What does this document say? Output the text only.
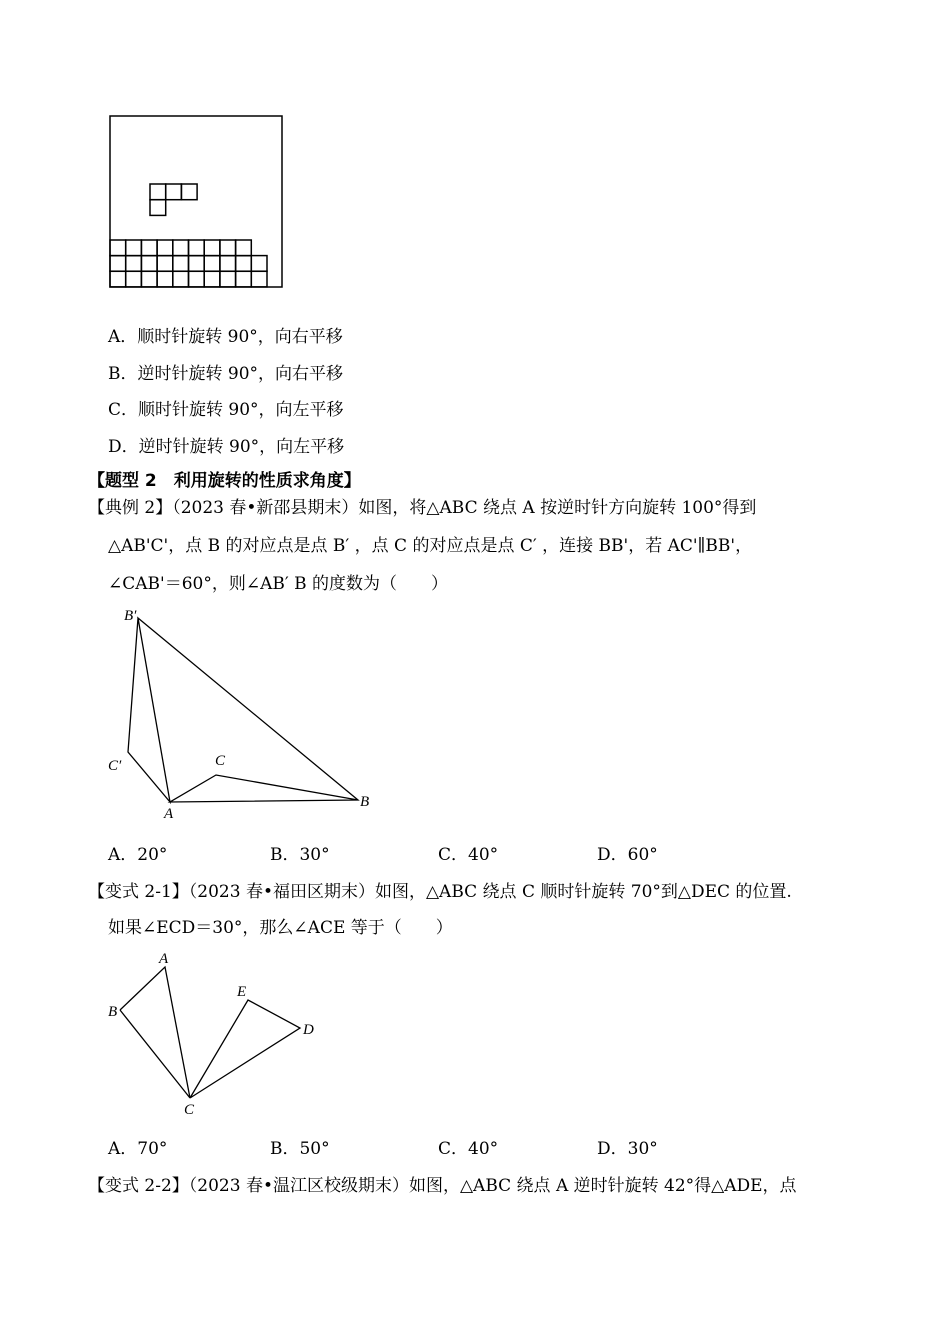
B′
C′	C
A
B
A
B
E
D
C
A．顺时针旋转 90°，向右平移
B．逆时针旋转 90°，向右平移
C．顺时针旋转 90°，向左平移
D．逆时针旋转 90°，向左平移
【题型 2　利用旋转的性质求角度】
【典例 2】（2023 春•新邵县期末）如图，将△ABC 绕点 A 按逆时针方向旋转 100°得到
△AB'C'，点 B 的对应点是点 B′ ，点 C 的对应点是点 C′ ，连接 BB'，若 AC'∥BB'，
∠CAB'＝60°，则∠AB′ B 的度数为（　　）
A．20°	B．30°	C．40°	D．60°
【变式 2-1】（2023 春•福田区期末）如图，△ABC 绕点 C 顺时针旋转 70°到△DEC 的位置.
如果∠ECD＝30°，那么∠ACE 等于（　　）
A．70°	B．50°	C．40°	D．30°
【变式 2-2】（2023 春•温江区校级期末）如图，△ABC 绕点 A 逆时针旋转 42°得△ADE，点
